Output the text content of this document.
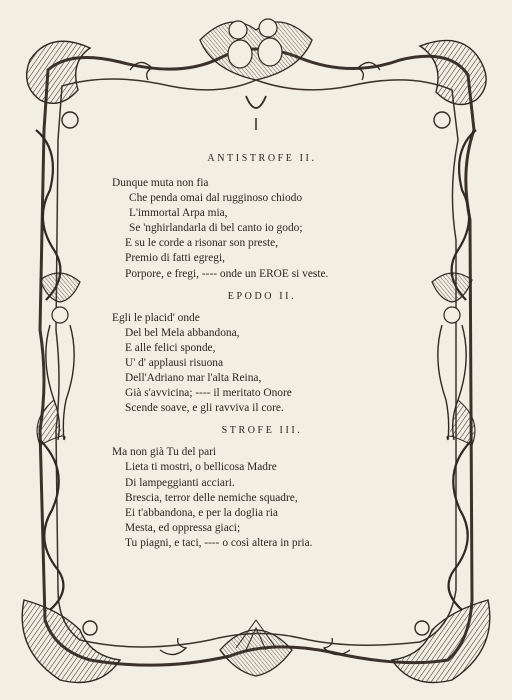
ANTISTROFE II.
Dunque muta non fia
Che penda omai dal rugginoso chiodo
L'immortal Arpa mia,
Se 'nghirlandarla di bel canto io godo;
E su le corde a risonar son preste,
Premio di fatti egregi,
Porpore, e fregi, ---- onde un EROE si veste.
EPODO II.
Egli le placid' onde
Del bel Mela abbandona,
E alle felici sponde,
U' d' applausi risuona
Dell'Adriano mar l'alta Reina,
Già s'avvicina; ---- il meritato Onore
Scende soave, e gli ravviva il core.
STROFE III.
Ma non già Tu del pari
Lieta ti mostri, o bellicosa Madre
Di lampeggianti acciari.
Brescia, terror delle nemiche squadre,
Ei t'abbandona, e per la doglia ria
Mesta, ed oppressa giaci;
Tu piagni, e taci, ---- o così altera in pria.
